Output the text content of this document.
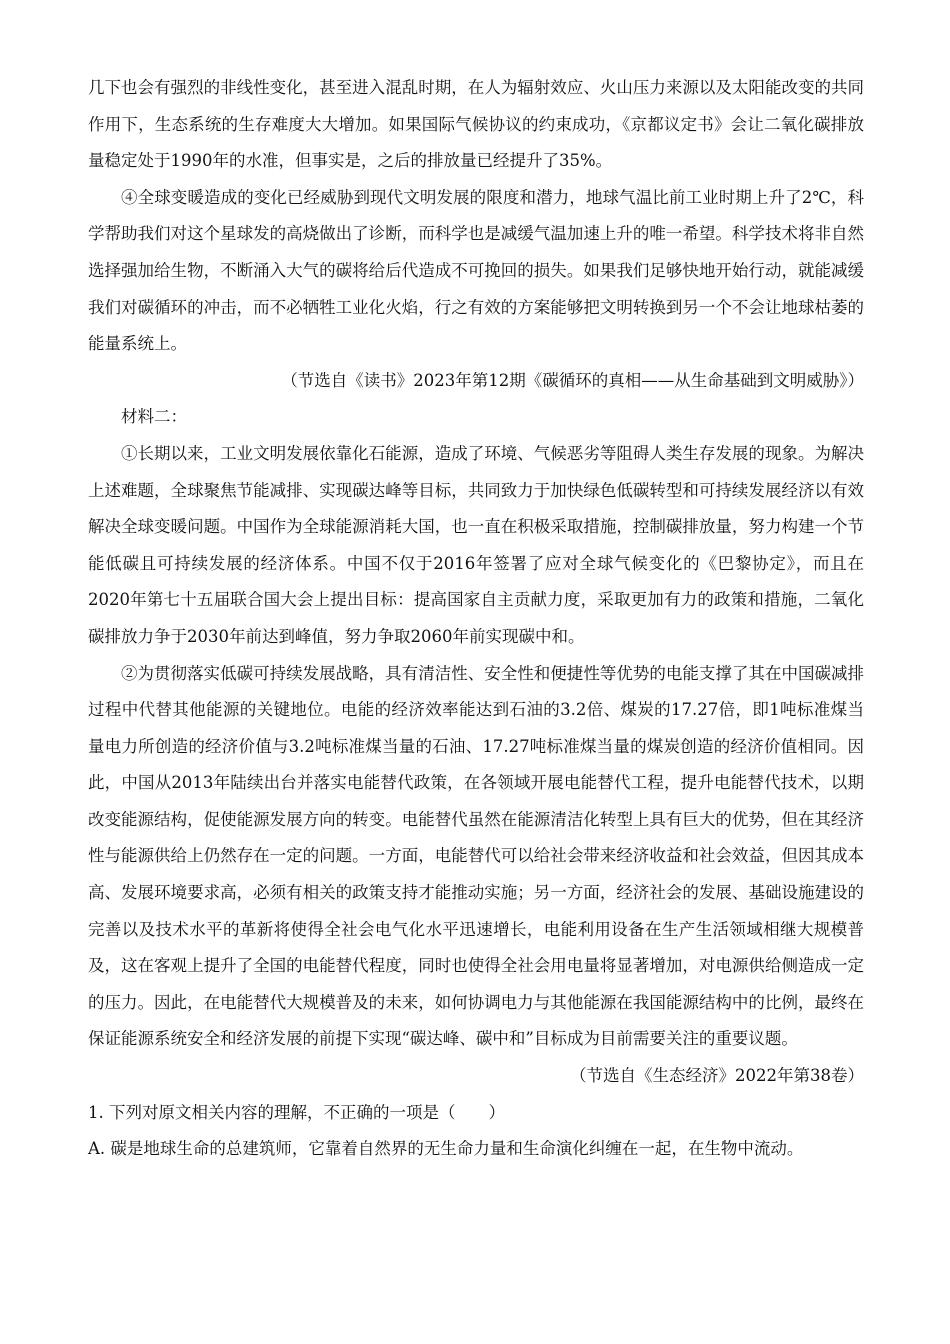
几下也会有强烈的非线性变化，甚至进入混乱时期，在人为辐射效应、火山压力来源以及太阳能改变的共同作用下，生态系统的生存难度大大增加。如果国际气候协议的约束成功，《京都议定书》会让二氧化碳排放量稳定处于1990年的水准，但事实是，之后的排放量已经提升了35%。

④全球变暖造成的变化已经威胁到现代文明发展的限度和潜力，地球气温比前工业时期上升了2℃，科学帮助我们对这个星球发的高烧做出了诊断，而科学也是减缓气温加速上升的唯一希望。科学技术将非自然选择强加给生物，不断涌入大气的碳将给后代造成不可挽回的损失。如果我们足够快地开始行动，就能减缓我们对碳循环的冲击，而不必牺牲工业化火焰，行之有效的方案能够把文明转换到另一个不会让地球枯萎的能量系统上。

（节选自《读书》2023年第12期《碳循环的真相——从生命基础到文明威胁》）

材料二：

①长期以来，工业文明发展依靠化石能源，造成了环境、气候恶劣等阻碍人类生存发展的现象。为解决上述难题，全球聚焦节能减排、实现碳达峰等目标，共同致力于加快绿色低碳转型和可持续发展经济以有效解决全球变暖问题。中国作为全球能源消耗大国，也一直在积极采取措施，控制碳排放量，努力构建一个节能低碳且可持续发展的经济体系。中国不仅于2016年签署了应对全球气候变化的《巴黎协定》，而且在2020年第七十五届联合国大会上提出目标：提高国家自主贡献力度，采取更加有力的政策和措施，二氧化碳排放力争于2030年前达到峰值，努力争取2060年前实现碳中和。

②为贯彻落实低碳可持续发展战略，具有清洁性、安全性和便捷性等优势的电能支撑了其在中国碳减排过程中代替其他能源的关键地位。电能的经济效率能达到石油的3.2倍、煤炭的17.27倍，即1吨标准煤当量电力所创造的经济价值与3.2吨标准煤当量的石油、17.27吨标准煤当量的煤炭创造的经济价值相同。因此，中国从2013年陆续出台并落实电能替代政策，在各领域开展电能替代工程，提升电能替代技术，以期改变能源结构，促使能源发展方向的转变。电能替代虽然在能源清洁化转型上具有巨大的优势，但在其经济性与能源供给上仍然存在一定的问题。一方面，电能替代可以给社会带来经济收益和社会效益，但因其成本高、发展环境要求高，必须有相关的政策支持才能推动实施；另一方面，经济社会的发展、基础设施建设的完善以及技术水平的革新将使得全社会电气化水平迅速增长，电能利用设备在生产生活领域相继大规模普及，这在客观上提升了全国的电能替代程度，同时也使得全社会用电量将显著增加，对电源供给侧造成一定的压力。因此，在电能替代大规模普及的未来，如何协调电力与其他能源在我国能源结构中的比例，最终在保证能源系统安全和经济发展的前提下实现“碳达峰、碳中和”目标成为目前需要关注的重要议题。

（节选自《生态经济》2022年第38卷）

1. 下列对原文相关内容的理解，不正确的一项是（　　）

A. 碳是地球生命的总建筑师，它靠着自然界的无生命力量和生命演化纠缠在一起，在生物中流动。
